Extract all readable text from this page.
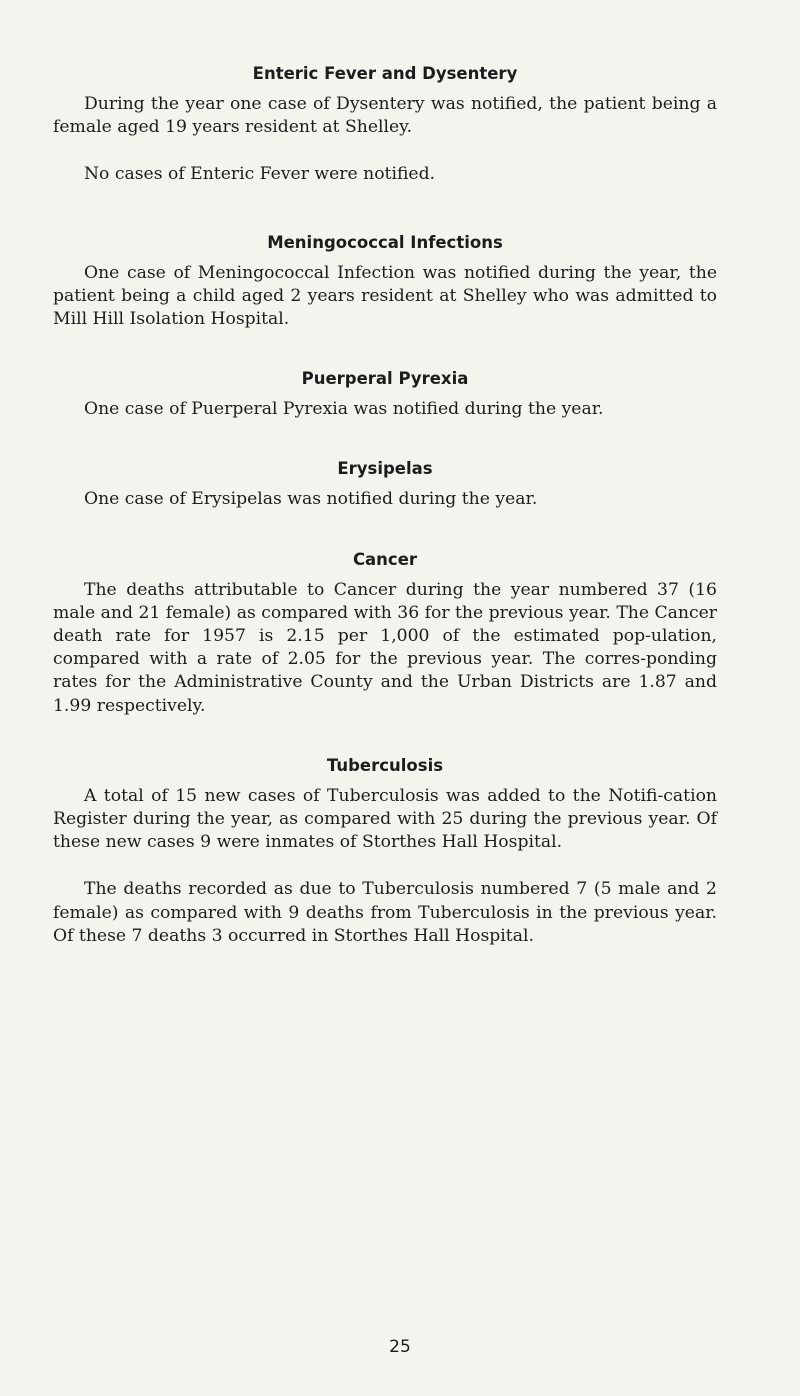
Enteric Fever and Dysentery

During the year one case of Dysentery was notified, the patient being a female aged 19 years resident at Shelley.

No cases of Enteric Fever were notified.

Meningococcal Infections

One case of Meningococcal Infection was notified during the year, the patient being a child aged 2 years resident at Shelley who was admitted to Mill Hill Isolation Hospital.

Puerperal Pyrexia

One case of Puerperal Pyrexia was notified during the year.

Erysipelas

One case of Erysipelas was notified during the year.

Cancer

The deaths attributable to Cancer during the year numbered 37 (16 male and 21 female) as compared with 36 for the previous year. The Cancer death rate for 1957 is 2.15 per 1,000 of the estimated pop-ulation, compared with a rate of 2.05 for the previous year. The corres-ponding rates for the Administrative County and the Urban Districts are 1.87 and 1.99 respectively.

Tuberculosis

A total of 15 new cases of Tuberculosis was added to the Notifi-cation Register during the year, as compared with 25 during the previous year. Of these new cases 9 were inmates of Storthes Hall Hospital.

The deaths recorded as due to Tuberculosis numbered 7 (5 male and 2 female) as compared with 9 deaths from Tuberculosis in the previous year. Of these 7 deaths 3 occurred in Storthes Hall Hospital.

25
